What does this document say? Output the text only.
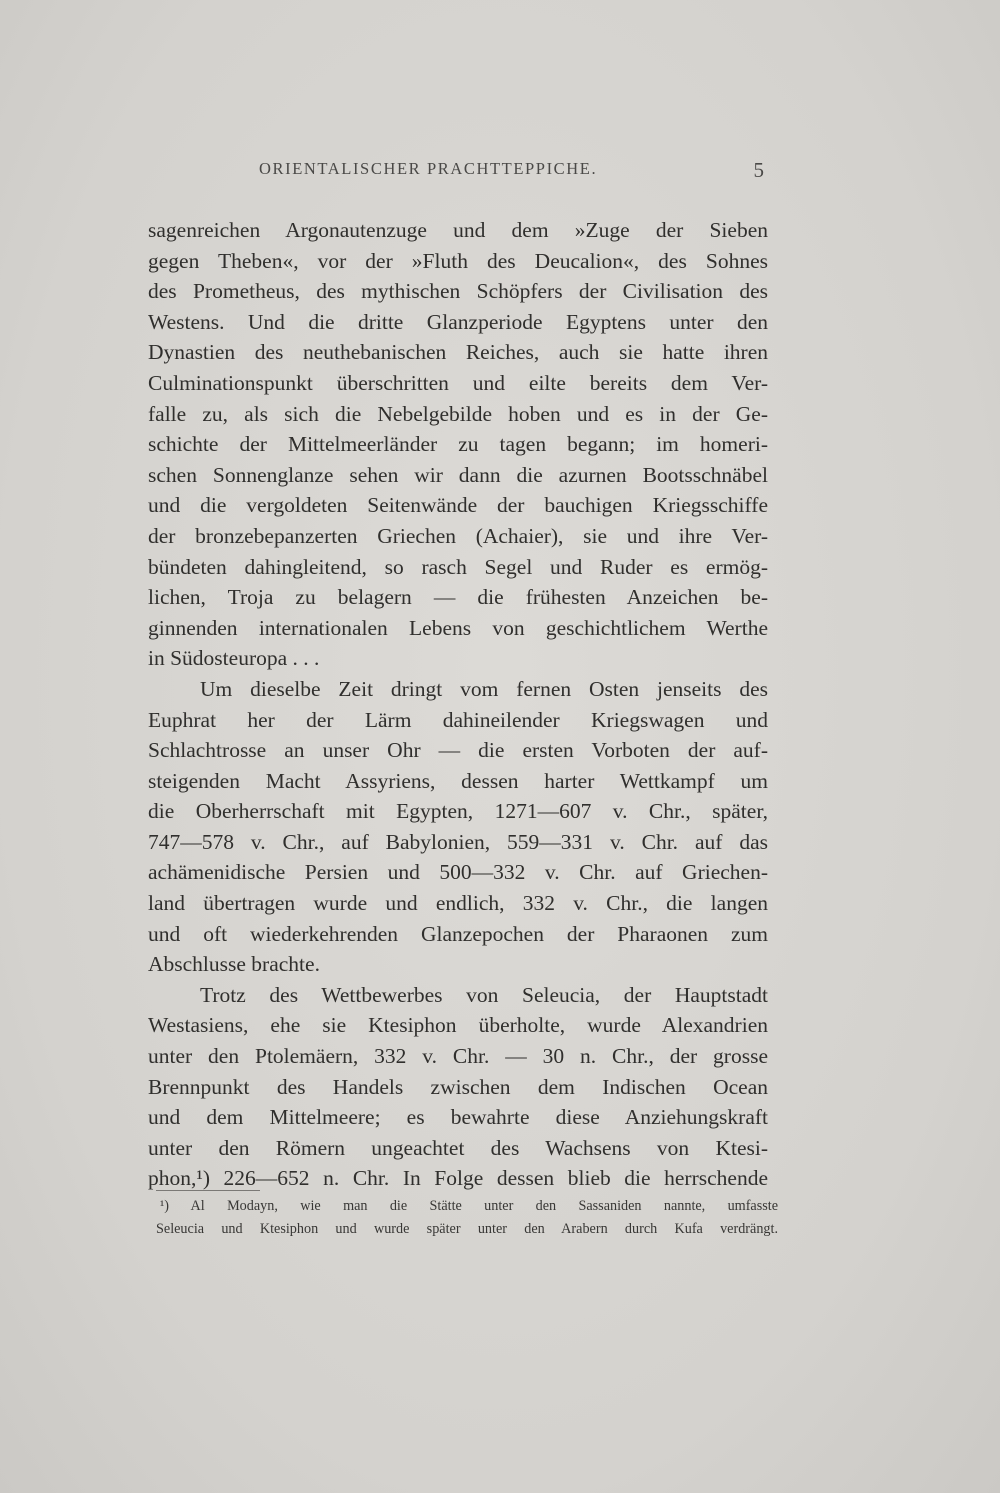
ORIENTALISCHER PRACHTTEPPICHE.	5
sagenreichen Argonautenzuge und dem »Zuge der Sieben
gegen Theben«, vor der »Fluth des Deucalion«, des Sohnes
des Prometheus, des mythischen Schöpfers der Civilisation des
Westens. Und die dritte Glanzperiode Egyptens unter den
Dynastien des neuthebanischen Reiches, auch sie hatte ihren
Culminationspunkt überschritten und eilte bereits dem Ver-
falle zu, als sich die Nebelgebilde hoben und es in der Ge-
schichte der Mittelmeerländer zu tagen begann; im homeri-
schen Sonnenglanze sehen wir dann die azurnen Bootsschnäbel
und die vergoldeten Seitenwände der bauchigen Kriegsschiffe
der bronzebepanzerten Griechen (Achaier), sie und ihre Ver-
bündeten dahingleitend, so rasch Segel und Ruder es ermög-
lichen, Troja zu belagern — die frühesten Anzeichen be-
ginnenden internationalen Lebens von geschichtlichem Werthe
in Südosteuropa . . .
Um dieselbe Zeit dringt vom fernen Osten jenseits des
Euphrat her der Lärm dahineilender Kriegswagen und
Schlachtrosse an unser Ohr — die ersten Vorboten der auf-
steigenden Macht Assyriens, dessen harter Wettkampf um
die Oberherrschaft mit Egypten, 1271—607 v. Chr., später,
747—578 v. Chr., auf Babylonien, 559—331 v. Chr. auf das
achämenidische Persien und 500—332 v. Chr. auf Griechen-
land übertragen wurde und endlich, 332 v. Chr., die langen
und oft wiederkehrenden Glanzepochen der Pharaonen zum
Abschlusse brachte.
Trotz des Wettbewerbes von Seleucia, der Hauptstadt
Westasiens, ehe sie Ktesiphon überholte, wurde Alexandrien
unter den Ptolemäern, 332 v. Chr. — 30 n. Chr., der grosse
Brennpunkt des Handels zwischen dem Indischen Ocean
und dem Mittelmeere; es bewahrte diese Anziehungskraft
unter den Römern ungeachtet des Wachsens von Ktesi-
phon,¹) 226—652 n. Chr. In Folge dessen blieb die herrschende
¹) Al Modayn, wie man die Stätte unter den Sassaniden nannte, umfasste
Seleucia und Ktesiphon und wurde später unter den Arabern durch Kufa verdrängt.
